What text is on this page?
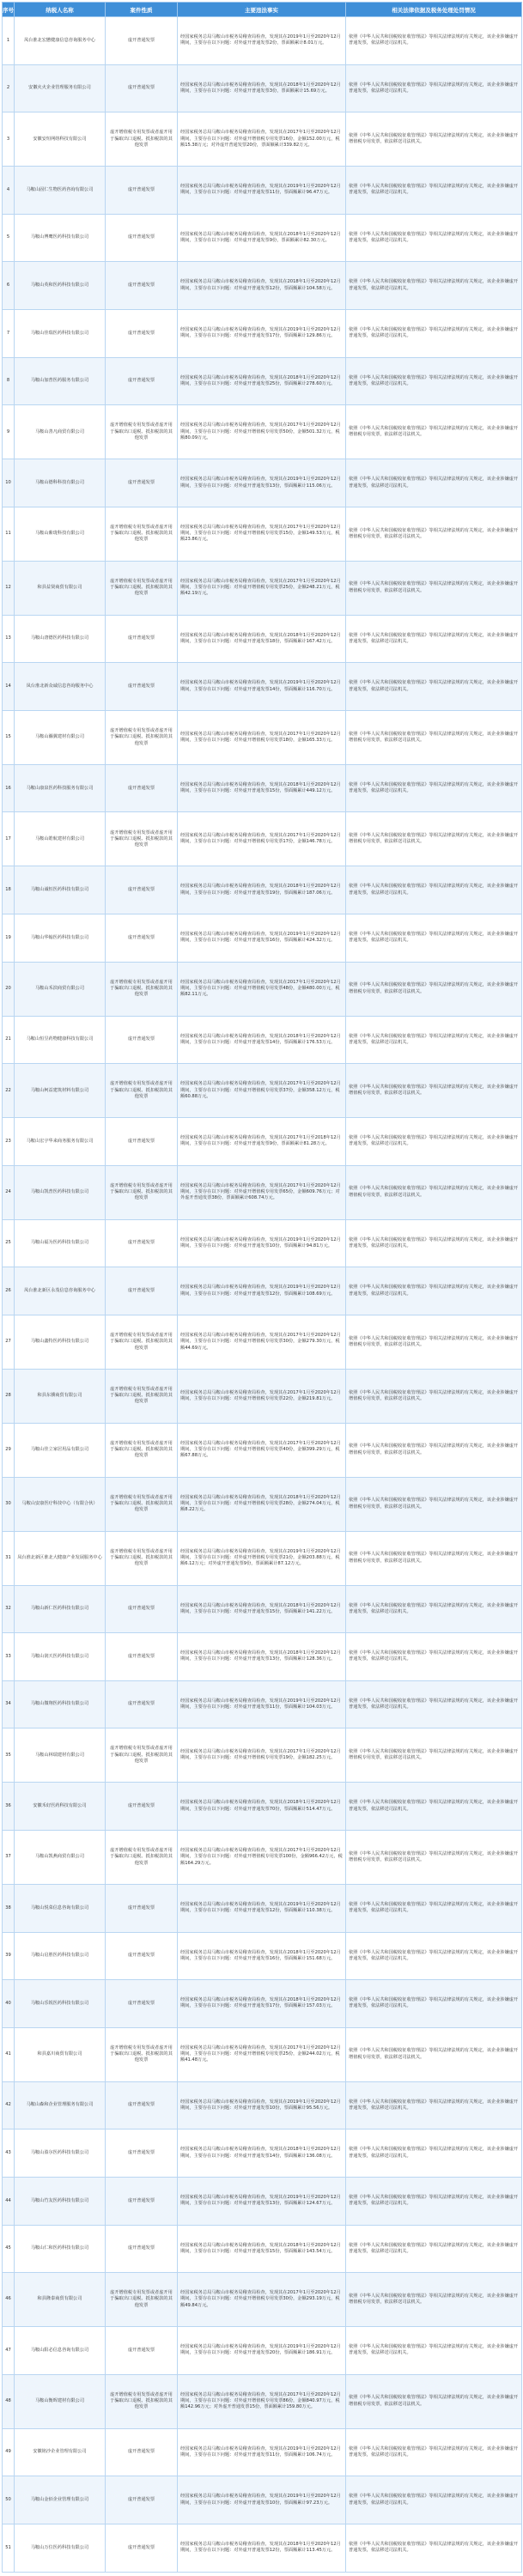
序号	纳税人名称	案件性质	主要违法事实	相关法律依据及税务处理处罚情况
1	凤台淮北宏懋健康信息咨询服务中心	虚开普通发票	经国家税务总局马鞍山市税务局稽查局检查，发现其在2019年1月至2020年12月期间，主要存在以下问题：对外虚开普通发票2份，票面额累计8.01万元。	依照《中华人民共和国税收征收管理法》等相关法律法规的有关规定，该企业涉嫌虚开普通发票，依法移送司法机关。
2	安徽火火企业管理服务有限公司	虚开普通发票	经国家税务总局马鞍山市税务局稽查局检查，发现其在2018年1月至2020年12月期间，主要存在以下问题：对外虚开普通发票3份，票面额累计15.69万元。	依照《中华人民共和国税收征收管理法》等相关法律法规的有关规定，该企业涉嫌虚开普通发票，依法移送司法机关。
3	安徽安烜网络科技有限公司	虚开增值税专用发票或者虚开用于骗取出口退税、抵扣税款的其他发票	经国家税务总局马鞍山市税务局稽查局检查，发现其在2017年1月至2020年12月期间，主要存在以下问题：对外虚开增值税专用发票16份，金额152.00万元，税额15.38万元；对外虚开普通发票20份，票面额累计339.82万元。	依照《中华人民共和国税收征收管理法》等相关法律法规的有关规定，该企业涉嫌虚开增值税专用发票，依法移送司法机关。
4	马鞍山固仁生物医药咨询有限公司	虚开普通发票	经国家税务总局马鞍山市税务局稽查局检查，发现其在2019年1月至2020年12月期间，主要存在以下问题：对外虚开普通发票11份，票面额累计96.47万元。	依照《中华人民共和国税收征收管理法》等相关法律法规的有关规定，该企业涉嫌虚开普通发票，依法移送司法机关。
5	马鞍山博鹰医药科技有限公司	虚开普通发票	经国家税务总局马鞍山市税务局稽查局检查，发现其在2018年1月至2020年12月期间，主要存在以下问题：对外虚开普通发票9份，票面额累计82.30万元。	依照《中华人民共和国税收征收管理法》等相关法律法规的有关规定，该企业涉嫌虚开普通发票，依法移送司法机关。
6	马鞍山英和医药科技有限公司	虚开普通发票	经国家税务总局马鞍山市税务局稽查局检查，发现其在2018年1月至2020年12月期间，主要存在以下问题：对外虚开普通发票12份，票面额累计104.58万元。	依照《中华人民共和国税收征收管理法》等相关法律法规的有关规定，该企业涉嫌虚开普通发票，依法移送司法机关。
7	马鞍山佳瑞医药科技有限公司	虚开普通发票	经国家税务总局马鞍山市税务局稽查局检查，发现其在2019年1月至2020年12月期间，主要存在以下问题：对外虚开普通发票17份，票面额累计129.86万元。	依照《中华人民共和国税收征收管理法》等相关法律法规的有关规定，该企业涉嫌虚开普通发票，依法移送司法机关。
8	马鞍山加普医药服务有限公司	虚开普通发票	经国家税务总局马鞍山市税务局稽查局检查，发现其在2018年1月至2020年12月期间，主要存在以下问题：对外虚开普通发票25份，票面额累计278.60万元。	依照《中华人民共和国税收征收管理法》等相关法律法规的有关规定，该企业涉嫌虚开普通发票，依法移送司法机关。
9	马鞍山善凡商贸有限公司	虚开增值税专用发票或者虚开用于骗取出口退税、抵扣税款的其他发票	经国家税务总局马鞍山市税务局稽查局检查，发现其在2017年1月至2020年12月期间，主要存在以下问题：对外虚开增值税专用发票50份，金额501.32万元，税额80.09万元。	依照《中华人民共和国税收征收管理法》等相关法律法规的有关规定，该企业涉嫌虚开增值税专用发票，依法移送司法机关。
10	马鞍山德科科技有限公司	虚开普通发票	经国家税务总局马鞍山市税务局稽查局检查，发现其在2019年1月至2020年12月期间，主要存在以下问题：对外虚开普通发票13份，票面额累计115.06万元。	依照《中华人民共和国税收征收管理法》等相关法律法规的有关规定，该企业涉嫌虚开普通发票，依法移送司法机关。
11	马鞍山紫珑科技有限公司	虚开增值税专用发票或者虚开用于骗取出口退税、抵扣税款的其他发票	经国家税务总局马鞍山市税务局稽查局检查，发现其在2017年1月至2020年12月期间，主要存在以下问题：对外虚开增值税专用发票15份，金额149.53万元，税额23.86万元。	依照《中华人民共和国税收征收管理法》等相关法律法规的有关规定，该企业涉嫌虚开增值税专用发票，依法移送司法机关。
12	和县益贤商贸有限公司	虚开增值税专用发票或者虚开用于骗取出口退税、抵扣税款的其他发票	经国家税务总局马鞍山市税务局稽查局检查，发现其在2017年1月至2020年12月期间，主要存在以下问题：对外虚开增值税专用发票25份，金额248.21万元，税额42.19万元。	依照《中华人民共和国税收征收管理法》等相关法律法规的有关规定，该企业涉嫌虚开增值税专用发票，依法移送司法机关。
13	马鞍山唐德医药科技有限公司	虚开普通发票	经国家税务总局马鞍山市税务局稽查局检查，发现其在2018年1月至2020年12月期间，主要存在以下问题：对外虚开普通发票18份，票面额累计167.42万元。	依照《中华人民共和国税收征收管理法》等相关法律法规的有关规定，该企业涉嫌虚开普通发票，依法移送司法机关。
14	凤台淮北新众诚信息咨询服务中心	虚开普通发票	经国家税务总局马鞍山市税务局稽查局检查，发现其在2019年1月至2020年12月期间，主要存在以下问题：对外虚开普通发票14份，票面额累计116.70万元。	依照《中华人民共和国税收征收管理法》等相关法律法规的有关规定，该企业涉嫌虚开普通发票，依法移送司法机关。
15	马鞍山瀚翼建材有限公司	虚开增值税专用发票或者虚开用于骗取出口退税、抵扣税款的其他发票	经国家税务总局马鞍山市税务局稽查局检查，发现其在2017年1月至2020年12月期间，主要存在以下问题：对外虚开增值税专用发票18份，金额165.33万元。	依照《中华人民共和国税收征收管理法》等相关法律法规的有关规定，该企业涉嫌虚开增值税专用发票，依法移送司法机关。
16	马鞍山康泉医药科技服务有限公司	虚开普通发票	经国家税务总局马鞍山市税务局稽查局检查，发现其在2018年1月至2020年12月期间，主要存在以下问题：对外虚开普通发票15份，票面额累计449.12万元。	依照《中华人民共和国税收征收管理法》等相关法律法规的有关规定，该企业涉嫌虚开普通发票，依法移送司法机关。
17	马鞍山皓航建材有限公司	虚开增值税专用发票或者虚开用于骗取出口退税、抵扣税款的其他发票	经国家税务总局马鞍山市税务局稽查局检查，发现其在2017年1月至2020年12月期间，主要存在以下问题：对外虚开增值税专用发票17份，金额146.78万元。	依照《中华人民共和国税收征收管理法》等相关法律法规的有关规定，该企业涉嫌虚开增值税专用发票，依法移送司法机关。
18	马鞍山诚恒医药科技有限公司	虚开普通发票	经国家税务总局马鞍山市税务局稽查局检查，发现其在2018年1月至2020年12月期间，主要存在以下问题：对外虚开普通发票19份，票面额累计187.06万元。	依照《中华人民共和国税收征收管理法》等相关法律法规的有关规定，该企业涉嫌虚开普通发票，依法移送司法机关。
19	马鞍山华翰医药科技有限公司	虚开普通发票	经国家税务总局马鞍山市税务局稽查局检查，发现其在2019年1月至2020年12月期间，主要存在以下问题：对外虚开普通发票16份，票面额累计424.32万元。	依照《中华人民共和国税收征收管理法》等相关法律法规的有关规定，该企业涉嫌虚开普通发票，依法移送司法机关。
20	马鞍山禾滨商贸有限公司	虚开增值税专用发票或者虚开用于骗取出口退税、抵扣税款的其他发票	经国家税务总局马鞍山市税务局稽查局检查，发现其在2017年1月至2020年12月期间，主要存在以下问题：对外虚开增值税专用发票48份，金额480.00万元，税额82.11万元。	依照《中华人民共和国税收征收管理法》等相关法律法规的有关规定，该企业涉嫌虚开增值税专用发票，依法移送司法机关。
21	马鞍山恒昱药物健康科技有限公司	虚开普通发票	经国家税务总局马鞍山市税务局稽查局检查，发现其在2018年1月至2020年12月期间，主要存在以下问题：对外虚开普通发票14份，票面额累计176.53万元。	依照《中华人民共和国税收征收管理法》等相关法律法规的有关规定，该企业涉嫌虚开普通发票，依法移送司法机关。
22	马鞍山柯益建筑材料有限公司	虚开增值税专用发票或者虚开用于骗取出口退税、抵扣税款的其他发票	经国家税务总局马鞍山市税务局稽查局检查，发现其在2017年1月至2020年12月期间，主要存在以下问题：对外虚开增值税专用发票37份，金额358.12万元，税额60.88万元。	依照《中华人民共和国税收征收管理法》等相关法律法规的有关规定，该企业涉嫌虚开增值税专用发票，依法移送司法机关。
23	马鞍山宏宇华来商务服务有限公司	虚开普通发票	经国家税务总局马鞍山市税务局稽查局检查，发现其在2017年1月至2018年12月期间，主要存在以下问题：对外虚开普通发票9份，票面额累计81.28万元。	依照《中华人民共和国税收征收管理法》等相关法律法规的有关规定，该企业涉嫌虚开普通发票，依法移送司法机关。
24	马鞍山凯普医药科技有限公司	虚开增值税专用发票或者虚开用于骗取出口退税、抵扣税款的其他发票	经国家税务总局马鞍山市税务局稽查局检查，发现其在2017年1月至2020年12月期间，主要存在以下问题：对外虚开增值税专用发票65份，金额609.76万元；对外虚开普通发票38份，票面额累计608.74万元。	依照《中华人民共和国税收征收管理法》等相关法律法规的有关规定，该企业涉嫌虚开增值税专用发票，依法移送司法机关。
25	马鞍山福为医药科技有限公司	虚开普通发票	经国家税务总局马鞍山市税务局稽查局检查，发现其在2019年1月至2020年12月期间，主要存在以下问题：对外虚开普通发票10份，票面额累计94.81万元。	依照《中华人民共和国税收征收管理法》等相关法律法规的有关规定，该企业涉嫌虚开普通发票，依法移送司法机关。
26	凤台淮北新区永茂信息咨询服务中心	虚开普通发票	经国家税务总局马鞍山市税务局稽查局检查，发现其在2019年1月至2020年12月期间，主要存在以下问题：对外虚开普通发票12份，票面额累计108.69万元。	依照《中华人民共和国税收征收管理法》等相关法律法规的有关规定，该企业涉嫌虚开普通发票，依法移送司法机关。
27	马鞍山鑫特医药科技有限公司	虚开增值税专用发票或者虚开用于骗取出口退税、抵扣税款的其他发票	经国家税务总局马鞍山市税务局稽查局检查，发现其在2017年1月至2020年12月期间，主要存在以下问题：对外虚开增值税专用发票30份，金额279.30万元，税额44.69万元。	依照《中华人民共和国税收征收管理法》等相关法律法规的有关规定，该企业涉嫌虚开增值税专用发票，依法移送司法机关。
28	和县东骥商贸有限公司	虚开增值税专用发票或者虚开用于骗取出口退税、抵扣税款的其他发票	经国家税务总局马鞍山市税务局稽查局检查，发现其在2017年1月至2020年12月期间，主要存在以下问题：对外虚开增值税专用发票22份，金额219.81万元。	依照《中华人民共和国税收征收管理法》等相关法律法规的有关规定，该企业涉嫌虚开增值税专用发票，依法移送司法机关。
29	马鞍山佳立家居用品有限公司	虚开增值税专用发票或者虚开用于骗取出口退税、抵扣税款的其他发票	经国家税务总局马鞍山市税务局稽查局检查，发现其在2017年1月至2020年12月期间，主要存在以下问题：对外虚开增值税专用发票40份，金额399.29万元，税额67.88万元。	依照《中华人民共和国税收征收管理法》等相关法律法规的有关规定，该企业涉嫌虚开增值税专用发票，依法移送司法机关。
30	马鞍山安康医疗科技中心（有限合伙）	虚开增值税专用发票或者虚开用于骗取出口退税、抵扣税款的其他发票	经国家税务总局马鞍山市税务局稽查局检查，发现其在2018年1月至2020年12月期间，主要存在以下问题：对外虚开增值税专用发票28份，金额274.04万元，税额8.22万元。	依照《中华人民共和国税收征收管理法》等相关法律法规的有关规定，该企业涉嫌虚开增值税专用发票，依法移送司法机关。
31	凤台淮北新区淮北大健康产业发展服务中心	虚开增值税专用发票或者虚开用于骗取出口退税、抵扣税款的其他发票	经国家税务总局马鞍山市税务局稽查局检查，发现其在2019年1月至2020年12月期间，主要存在以下问题：对外虚开增值税专用发票21份，金额203.88万元，税额6.12万元；对外虚开普通发票9份，票面额累计87.12万元。	依照《中华人民共和国税收征收管理法》等相关法律法规的有关规定，该企业涉嫌虚开增值税专用发票，依法移送司法机关。
32	马鞍山新仁医药科技有限公司	虚开普通发票	经国家税务总局马鞍山市税务局稽查局检查，发现其在2018年1月至2020年12月期间，主要存在以下问题：对外虚开普通发票15份，票面额累计141.22万元。	依照《中华人民共和国税收征收管理法》等相关法律法规的有关规定，该企业涉嫌虚开普通发票，依法移送司法机关。
33	马鞍山润天医药科技有限公司	虚开普通发票	经国家税务总局马鞍山市税务局稽查局检查，发现其在2018年1月至2020年12月期间，主要存在以下问题：对外虚开普通发票13份，票面额累计128.36万元。	依照《中华人民共和国税收征收管理法》等相关法律法规的有关规定，该企业涉嫌虚开普通发票，依法移送司法机关。
34	马鞍山微翔医药科技有限公司	虚开普通发票	经国家税务总局马鞍山市税务局稽查局检查，发现其在2019年1月至2020年12月期间，主要存在以下问题：对外虚开普通发票11份，票面额累计104.03万元。	依照《中华人民共和国税收征收管理法》等相关法律法规的有关规定，该企业涉嫌虚开普通发票，依法移送司法机关。
35	马鞍山林瑞建材有限公司	虚开增值税专用发票或者虚开用于骗取出口退税、抵扣税款的其他发票	经国家税务总局马鞍山市税务局稽查局检查，发现其在2017年1月至2020年12月期间，主要存在以下问题：对外虚开增值税专用发票19份，金额182.25万元。	依照《中华人民共和国税收征收管理法》等相关法律法规的有关规定，该企业涉嫌虚开增值税专用发票，依法移送司法机关。
36	安徽禾好医药科技有限公司	虚开普通发票	经国家税务总局马鞍山市税务局稽查局检查，发现其在2018年1月至2020年12月期间，主要存在以下问题：对外虚开普通发票70份，票面额累计514.47万元。	依照《中华人民共和国税收征收管理法》等相关法律法规的有关规定，该企业涉嫌虚开普通发票，依法移送司法机关。
37	马鞍山凯燕商贸有限公司	虚开增值税专用发票或者虚开用于骗取出口退税、抵扣税款的其他发票	经国家税务总局马鞍山市税务局稽查局检查，发现其在2017年1月至2020年12月期间，主要存在以下问题：对外虚开增值税专用发票100份，金额966.42万元，税额164.29万元。	依照《中华人民共和国税收征收管理法》等相关法律法规的有关规定，该企业涉嫌虚开增值税专用发票，依法移送司法机关。
38	马鞍山悦菜信息咨询有限公司	虚开普通发票	经国家税务总局马鞍山市税务局稽查局检查，发现其在2019年1月至2020年12月期间，主要存在以下问题：对外虚开普通发票12份，票面额累计110.38万元。	依照《中华人民共和国税收征收管理法》等相关法律法规的有关规定，该企业涉嫌虚开普通发票，依法移送司法机关。
39	马鞍山启胜医药科技有限公司	虚开普通发票	经国家税务总局马鞍山市税务局稽查局检查，发现其在2018年1月至2020年12月期间，主要存在以下问题：对外虚开普通发票16份，票面额累计151.68万元。	依照《中华人民共和国税收征收管理法》等相关法律法规的有关规定，该企业涉嫌虚开普通发票，依法移送司法机关。
40	马鞍山乐锐医药科技有限公司	虚开普通发票	经国家税务总局马鞍山市税务局稽查局检查，发现其在2018年1月至2020年12月期间，主要存在以下问题：对外虚开普通发票17份，票面额累计157.03万元。	依照《中华人民共和国税收征收管理法》等相关法律法规的有关规定，该企业涉嫌虚开普通发票，依法移送司法机关。
41	和县嘉川商贸有限公司	虚开增值税专用发票或者虚开用于骗取出口退税、抵扣税款的其他发票	经国家税务总局马鞍山市税务局稽查局检查，发现其在2017年1月至2020年12月期间，主要存在以下问题：对外虚开增值税专用发票25份，金额244.02万元，税额41.48万元。	依照《中华人民共和国税收征收管理法》等相关法律法规的有关规定，该企业涉嫌虚开增值税专用发票，依法移送司法机关。
42	马鞍山森和企业管理服务有限公司	虚开普通发票	经国家税务总局马鞍山市税务局稽查局检查，发现其在2019年1月至2020年12月期间，主要存在以下问题：对外虚开普通发票10份，票面额累计95.56万元。	依照《中华人民共和国税收征收管理法》等相关法律法规的有关规定，该企业涉嫌虚开普通发票，依法移送司法机关。
43	马鞍山盈尔医药科技有限公司	虚开普通发票	经国家税务总局马鞍山市税务局稽查局检查，发现其在2018年1月至2020年12月期间，主要存在以下问题：对外虚开普通发票14份，票面额累计136.08万元。	依照《中华人民共和国税收征收管理法》等相关法律法规的有关规定，该企业涉嫌虚开普通发票，依法移送司法机关。
44	马鞍山竹友医药科技有限公司	虚开普通发票	经国家税务总局马鞍山市税务局稽查局检查，发现其在2019年1月至2020年12月期间，主要存在以下问题：对外虚开普通发票13份，票面额累计124.67万元。	依照《中华人民共和国税收征收管理法》等相关法律法规的有关规定，该企业涉嫌虚开普通发票，依法移送司法机关。
45	马鞍山仁和医药科技有限公司	虚开普通发票	经国家税务总局马鞍山市税务局稽查局检查，发现其在2018年1月至2020年12月期间，主要存在以下问题：对外虚开普通发票15份，票面额累计143.54万元。	依照《中华人民共和国税收征收管理法》等相关法律法规的有关规定，该企业涉嫌虚开普通发票，依法移送司法机关。
46	和县隆泰商贸有限公司	虚开增值税专用发票或者虚开用于骗取出口退税、抵扣税款的其他发票	经国家税务总局马鞍山市税务局稽查局检查，发现其在2017年1月至2020年12月期间，主要存在以下问题：对外虚开增值税专用发票30份，金额293.19万元，税额49.84万元。	依照《中华人民共和国税收征收管理法》等相关法律法规的有关规定，该企业涉嫌虚开增值税专用发票，依法移送司法机关。
47	马鞍山阳必信息咨询有限公司	虚开普通发票	经国家税务总局马鞍山市税务局稽查局检查，发现其在2019年1月至2020年12月期间，主要存在以下问题：对外虚开普通发票20份，票面额累计186.91万元。	依照《中华人民共和国税收征收管理法》等相关法律法规的有关规定，该企业涉嫌虚开普通发票，依法移送司法机关。
48	马鞍山衡晖建材有限公司	虚开增值税专用发票或者虚开用于骗取出口退税、抵扣税款的其他发票	经国家税务总局马鞍山市税务局稽查局检查，发现其在2017年1月至2020年12月期间，主要存在以下问题：对外虚开增值税专用发票86份，金额840.97万元，税额142.96万元；对外虚开普通发票15份，票面额累计159.80万元。	依照《中华人民共和国税收征收管理法》等相关法律法规的有关规定，该企业涉嫌虚开增值税专用发票，依法移送司法机关。
49	安徽铭沙企业管理有限公司	虚开普通发票	经国家税务总局马鞍山市税务局稽查局检查，发现其在2019年1月至2020年12月期间，主要存在以下问题：对外虚开普通发票11份，票面额累计106.74万元。	依照《中华人民共和国税收征收管理法》等相关法律法规的有关规定，该企业涉嫌虚开普通发票，依法移送司法机关。
50	马鞍山金佰企业管理有限公司	虚开普通发票	经国家税务总局马鞍山市税务局稽查局检查，发现其在2019年1月至2020年12月期间，主要存在以下问题：对外虚开普通发票10份，票面额累计97.23万元。	依照《中华人民共和国税收征收管理法》等相关法律法规的有关规定，该企业涉嫌虚开普通发票，依法移送司法机关。
51	马鞍山万位医药科技有限公司	虚开普通发票	经国家税务总局马鞍山市税务局稽查局检查，发现其在2018年1月至2020年12月期间，主要存在以下问题：对外虚开普通发票12份，票面额累计113.45万元。	依照《中华人民共和国税收征收管理法》等相关法律法规的有关规定，该企业涉嫌虚开普通发票，依法移送司法机关。
